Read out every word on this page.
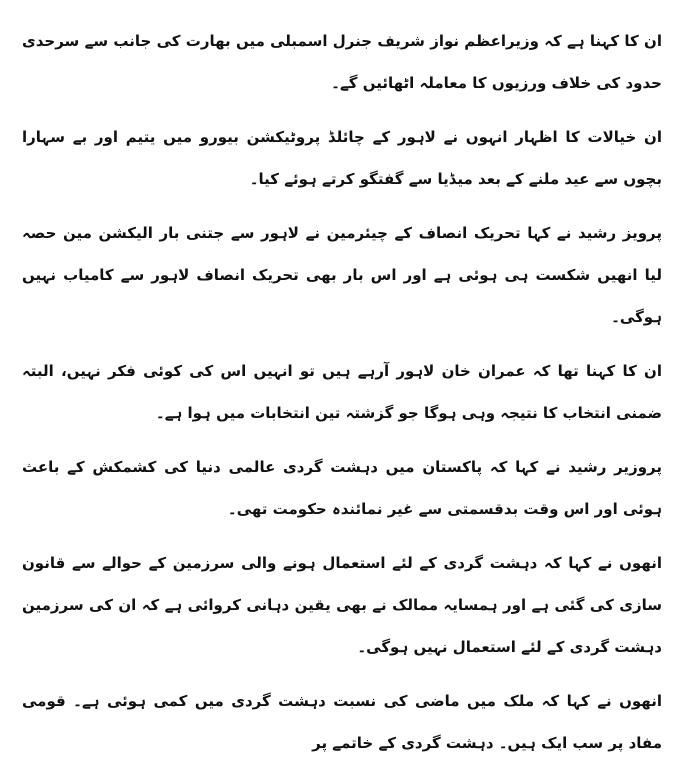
ان کا کہنا ہے کہ وزیراعظم نواز شریف جنرل اسمبلی میں بھارت کی جانب سے سرحدی حدود کی خلاف ورزیوں کا معاملہ اٹھائیں گے۔

ان خیالات کا اظہار انہوں نے لاہور کے چائلڈ پروٹیکشن بیورو میں یتیم اور بے سہارا بچوں سے عید ملنے کے بعد میڈیا سے گفتگو کرتے ہوئے کیا۔

پرویز رشید نے کہا تحریک انصاف کے چیئرمین نے لاہور سے جتنی بار الیکشن مین حصہ لیا انھیں شکست ہی ہوئی ہے اور اس بار بھی تحریک انصاف لاہور سے کامیاب نہیں ہوگی۔

ان کا کہنا تھا کہ عمران خان لاہور آرہے ہیں تو انہیں اس کی کوئی فکر نہیں، البتہ ضمنی انتخاب کا نتیجہ وہی ہوگا جو گزشتہ تین انتخابات میں ہوا ہے۔

پروزیر رشید نے کہا کہ پاکستان میں دہشت گردی عالمی دنیا کی کشمکش کے باعث ہوئی اور اس وقت بدقسمتی سے غیر نمائندہ حکومت تھی۔

انھوں نے کہا کہ دہشت گردی کے لئے استعمال ہونے والی سرزمین کے حوالے سے قانون سازی کی گئی ہے اور ہمسایہ ممالک نے بھی یقین دہانی کروائی ہے کہ ان کی سرزمین دہشت گردی کے لئے استعمال نہیں ہوگی۔

انھوں نے کہا کہ ملک میں ماضی کی نسبت دہشت گردی میں کمی ہوئی ہے۔ قومی مفاد پر سب ایک ہیں۔ دہشت گردی کے خاتمے پر
